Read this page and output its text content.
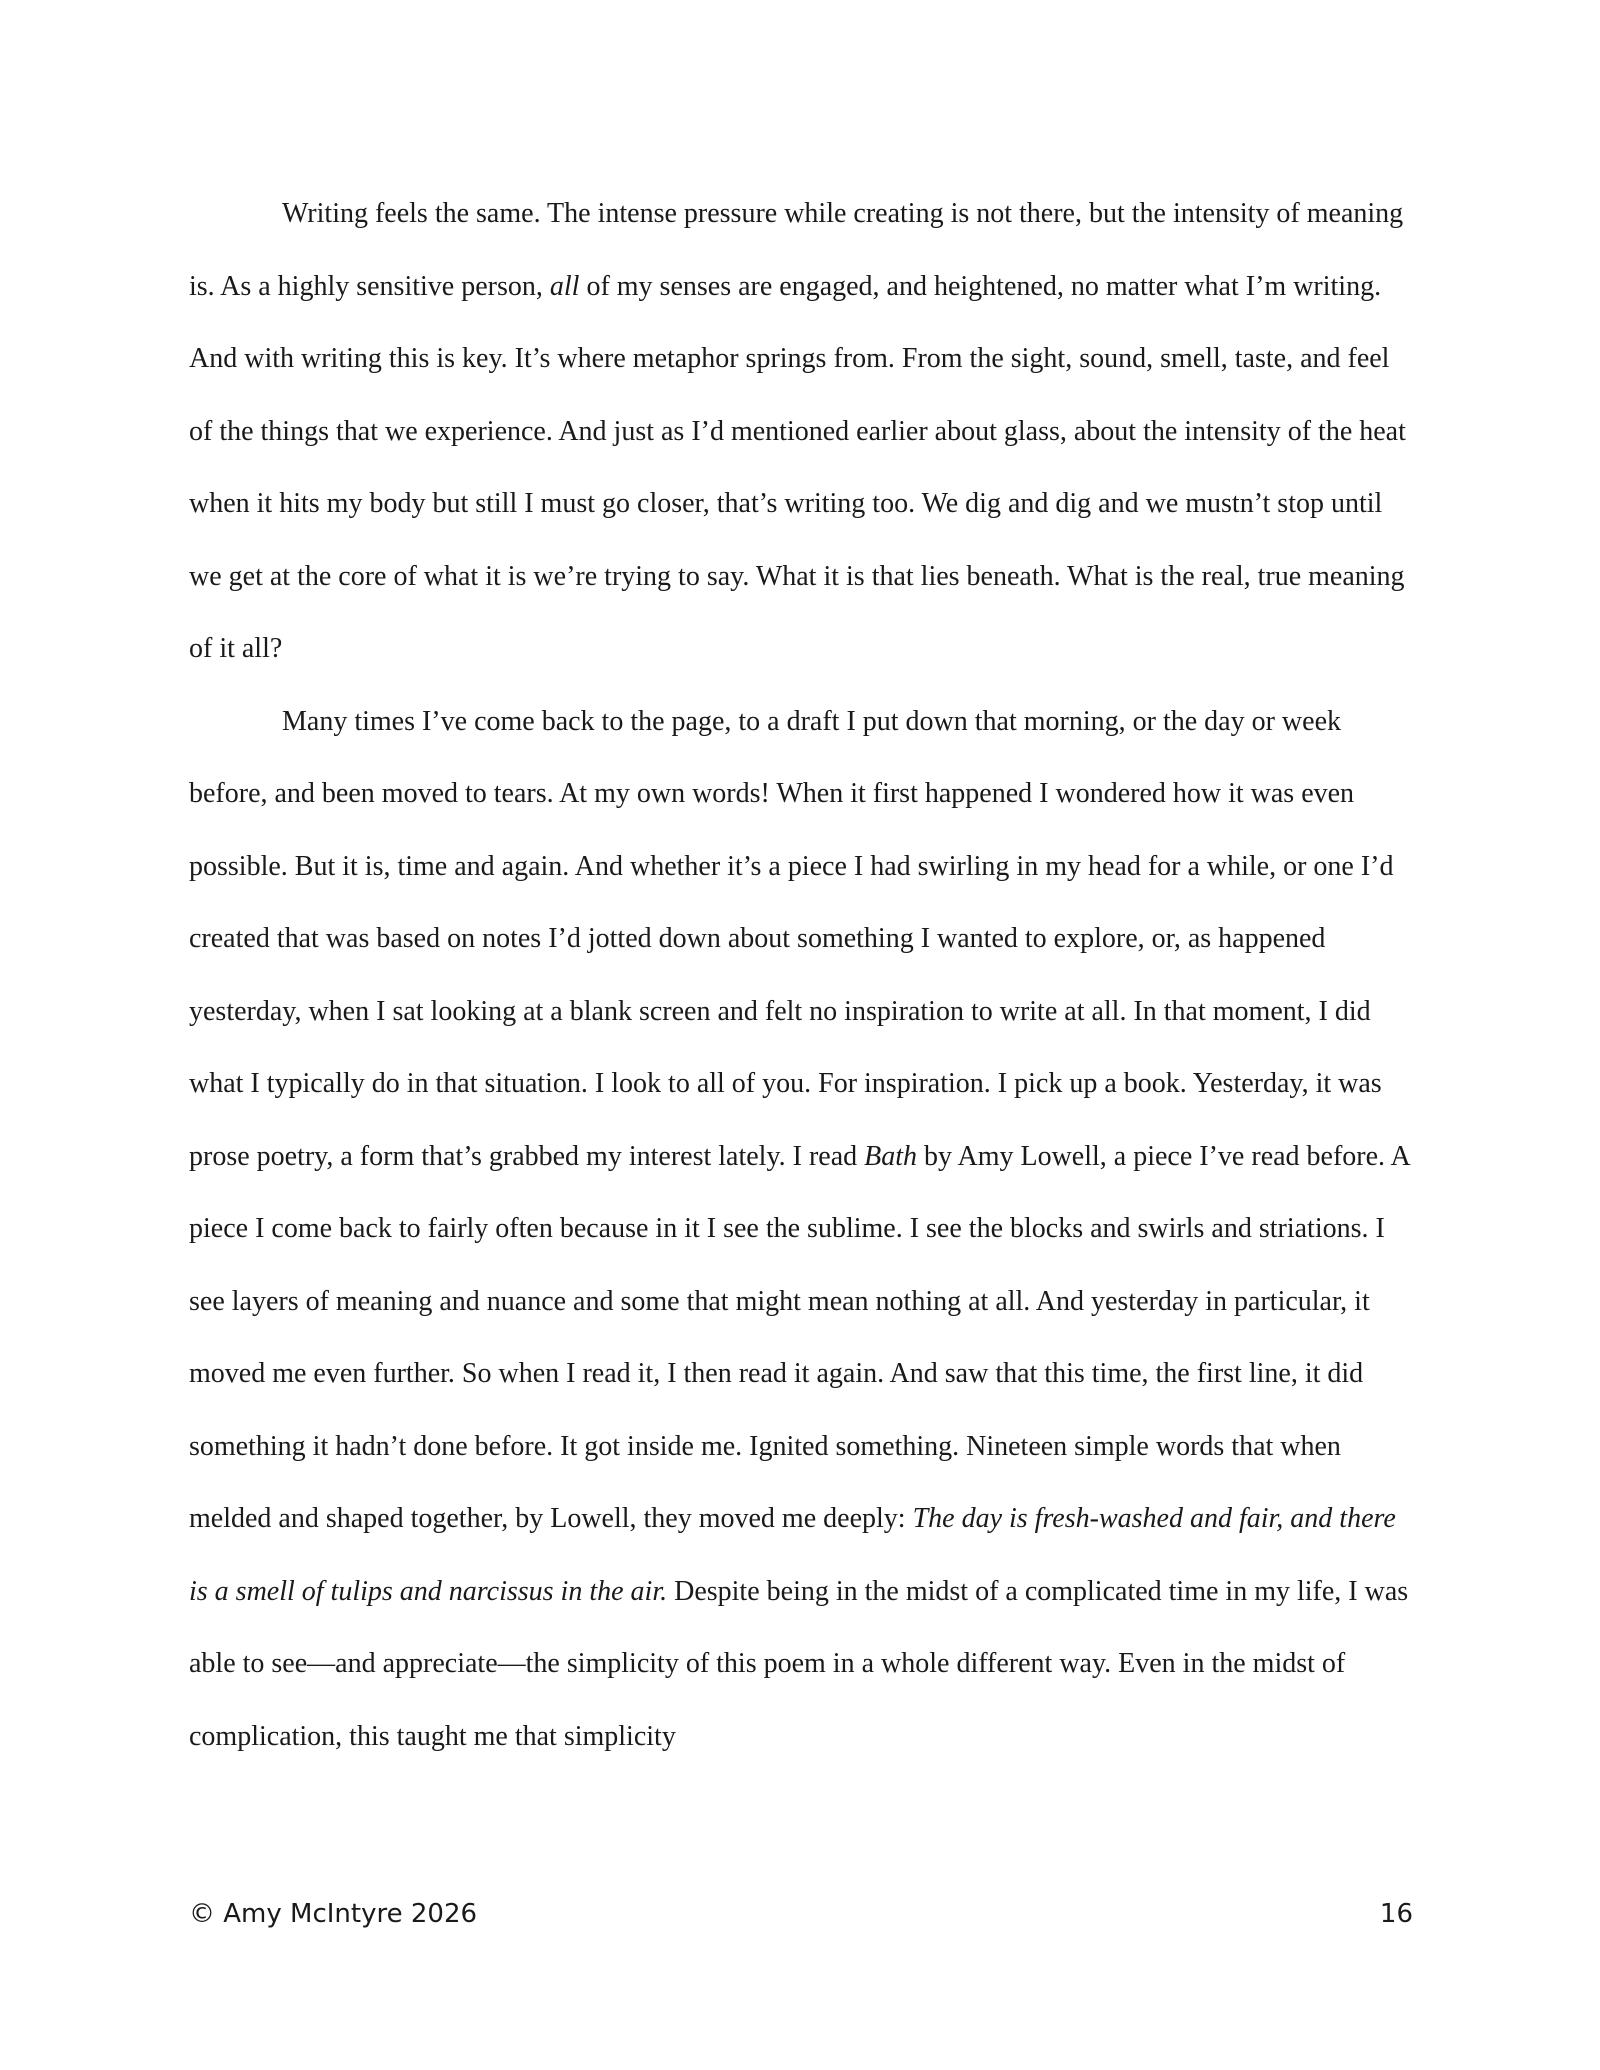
Writing feels the same. The intense pressure while creating is not there, but the intensity of meaning is. As a highly sensitive person, all of my senses are engaged, and heightened, no matter what I’m writing. And with writing this is key. It’s where metaphor springs from. From the sight, sound, smell, taste, and feel of the things that we experience. And just as I’d mentioned earlier about glass, about the intensity of the heat when it hits my body but still I must go closer, that’s writing too. We dig and dig and we mustn’t stop until we get at the core of what it is we’re trying to say. What it is that lies beneath. What is the real, true meaning of it all?

Many times I’ve come back to the page, to a draft I put down that morning, or the day or week before, and been moved to tears. At my own words! When it first happened I wondered how it was even possible. But it is, time and again. And whether it’s a piece I had swirling in my head for a while, or one I’d created that was based on notes I’d jotted down about something I wanted to explore, or, as happened yesterday, when I sat looking at a blank screen and felt no inspiration to write at all. In that moment, I did what I typically do in that situation. I look to all of you. For inspiration. I pick up a book. Yesterday, it was prose poetry, a form that’s grabbed my interest lately. I read Bath by Amy Lowell, a piece I’ve read before. A piece I come back to fairly often because in it I see the sublime. I see the blocks and swirls and striations. I see layers of meaning and nuance and some that might mean nothing at all. And yesterday in particular, it moved me even further. So when I read it, I then read it again. And saw that this time, the first line, it did something it hadn’t done before. It got inside me. Ignited something. Nineteen simple words that when melded and shaped together, by Lowell, they moved me deeply: The day is fresh-washed and fair, and there is a smell of tulips and narcissus in the air. Despite being in the midst of a complicated time in my life, I was able to see—and appreciate—the simplicity of this poem in a whole different way. Even in the midst of complication, this taught me that simplicity

© Amy McIntyre 2026	16
